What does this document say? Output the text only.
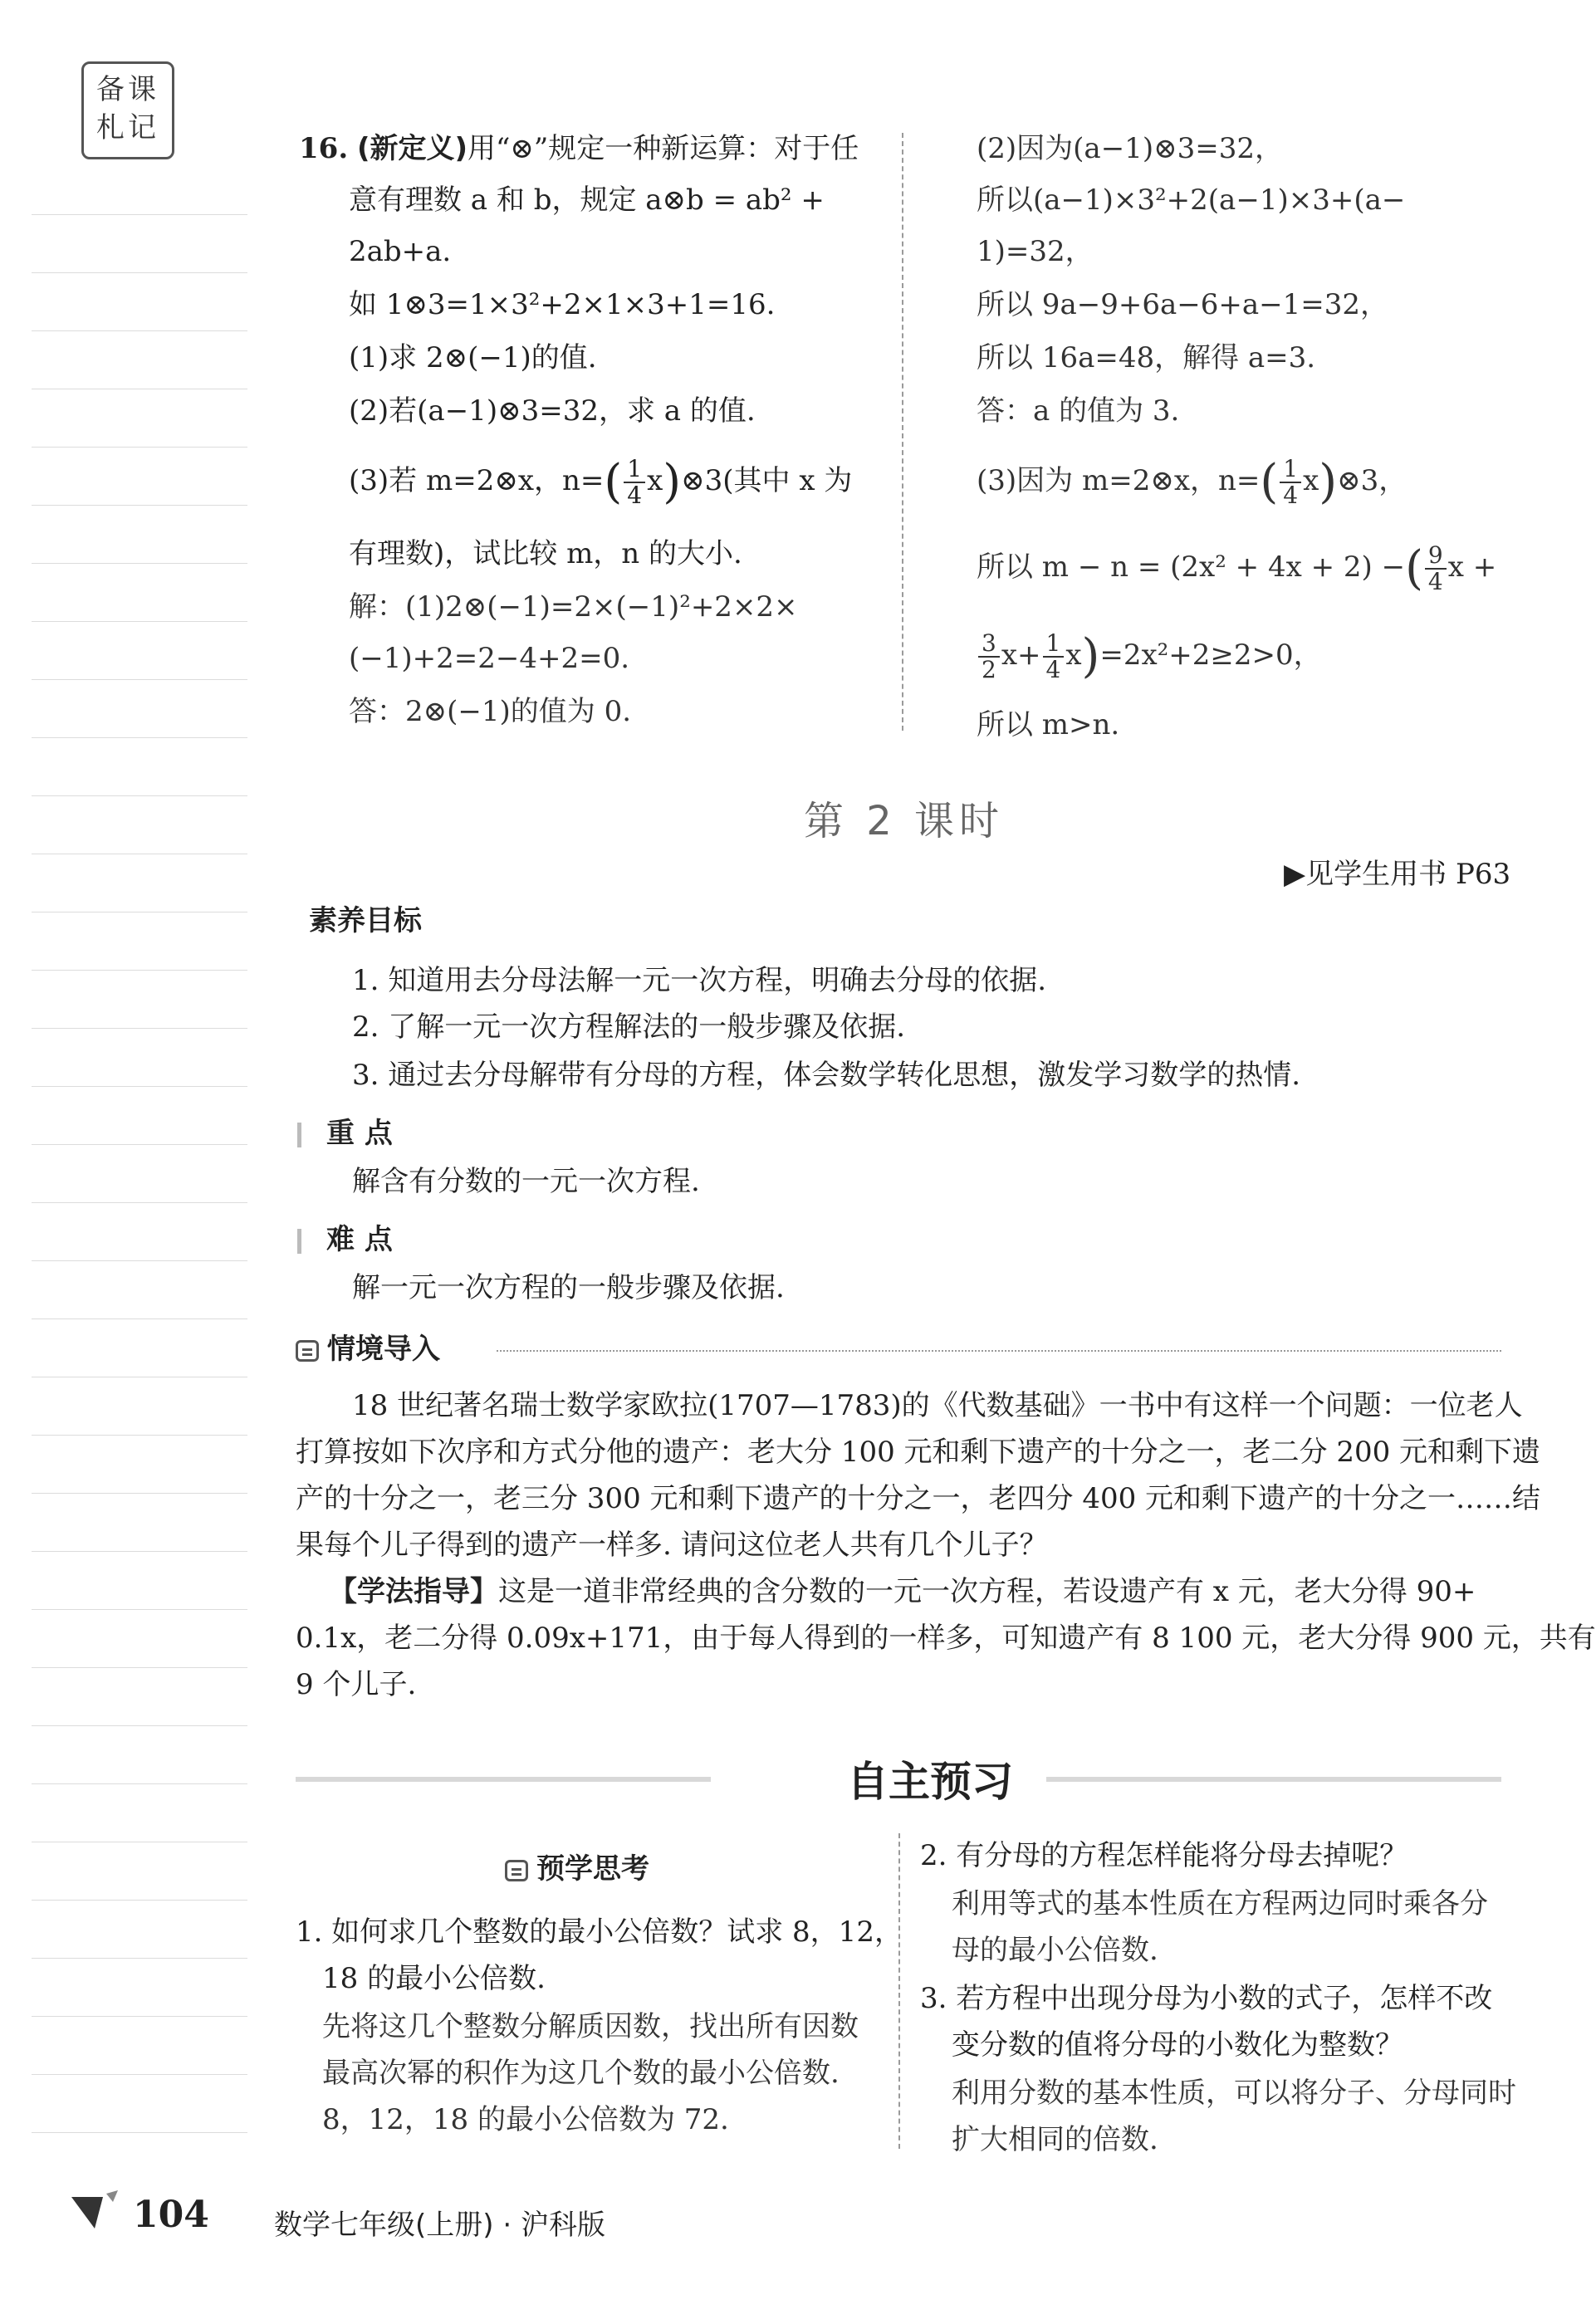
备课
札记
16. (新定义)用“⊗”规定一种新运算：对于任
意有理数 a 和 b，规定 a⊗b = ab² +
2ab+a.
如 1⊗3=1×3²+2×1×3+1=16.
(1)求 2⊗(−1)的值.
(2)若(a−1)⊗3=32，求 a 的值.
(3)若 m=2⊗x，$n=( \frac{1}{4}$ x)⊗3(其中 x 为
有理数)，试比较 m，n 的大小.
解：(1)2⊗(−1)=2×(−1)²+2×2×
(−1)+2=2−4+2=0.
答：2⊗(−1)的值为 0.
(2)因为(a−1)⊗3=32，
所以(a−1)×3²+2(a−1)×3+(a−
1)=32，
所以 9a−9+6a−6+a−1=32，
所以 16a=48，解得 a=3.
答：a 的值为 3.
(3)因为 m=2⊗x，$n=( \frac{1}{4}$ x)⊗3，
所以 m − n = (2x² + 4x + 2) −( $\frac{9}{4}$ x +
$\frac{3}{2} x+ \frac{1}{4} x)=2x^2+2\ge 2>0$，
所以 m>n.
第 2 课时
▶见学生用书 P63
素养目标
1. 知道用去分母法解一元一次方程，明确去分母的依据.
2. 了解一元一次方程解法的一般步骤及依据.
3. 通过去分母解带有分母的方程，体会数学转化思想，激发学习数学的热情.
重 点
解含有分数的一元一次方程.
难 点
解一元一次方程的一般步骤及依据.
情境导入
18 世纪著名瑞士数学家欧拉(1707—1783)的《代数基础》一书中有这样一个问题：一位老人
打算按如下次序和方式分他的遗产：老大分 100 元和剩下遗产的十分之一，老二分 200 元和剩下遗
产的十分之一，老三分 300 元和剩下遗产的十分之一，老四分 400 元和剩下遗产的十分之一……结
果每个儿子得到的遗产一样多. 请问这位老人共有几个儿子？
【学法指导】这是一道非常经典的含分数的一元一次方程，若设遗产有 x 元，老大分得 90+
0.1x，老二分得 0.09x+171，由于每人得到的一样多，可知遗产有 8 100 元，老大分得 900 元，共有
9 个儿子.
自主预习
预学思考
1. 如何求几个整数的最小公倍数？试求 8，12，
18 的最小公倍数.
先将这几个整数分解质因数，找出所有因数
最高次幂的积作为这几个数的最小公倍数.
8，12，18 的最小公倍数为 72.
2. 有分母的方程怎样能将分母去掉呢？
利用等式的基本性质在方程两边同时乘各分
母的最小公倍数.
3. 若方程中出现分母为小数的式子，怎样不改
变分数的值将分母的小数化为整数？
利用分数的基本性质，可以将分子、分母同时
扩大相同的倍数.
104 数学七年级(上册) · 沪科版
